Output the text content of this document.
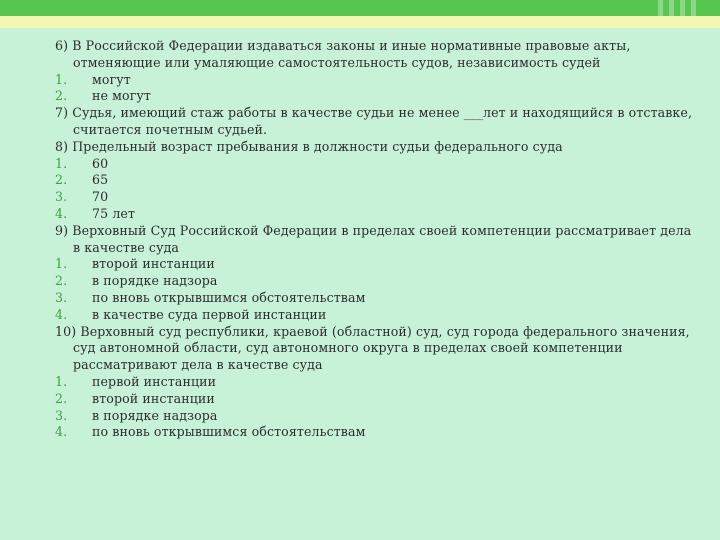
6) В Российской Федерации издаваться законы и иные нормативные правовые акты, отменяющие или умаляющие самостоятельность судов, независимость судей
1. могут
2. не могут
7) Судья, имеющий стаж работы в качестве судьи не менее ___лет и находящийся в отставке, считается почетным судьей.
8) Предельный возраст пребывания в должности судьи федерального суда
1. 60
2. 65
3. 70
4. 75 лет
9) Верховный Суд Российской Федерации в пределах своей компетенции рассматривает дела в качестве суда
1. второй инстанции
2. в порядке надзора
3. по вновь открывшимся обстоятельствам
4. в качестве суда первой инстанции
10) Верховный суд республики, краевой (областной) суд, суд города федерального значения, суд автономной области, суд автономного округа в пределах своей компетенции рассматривают дела в качестве суда
1. первой инстанции
2. второй инстанции
3. в порядке надзора
4. по вновь открывшимся обстоятельствам
